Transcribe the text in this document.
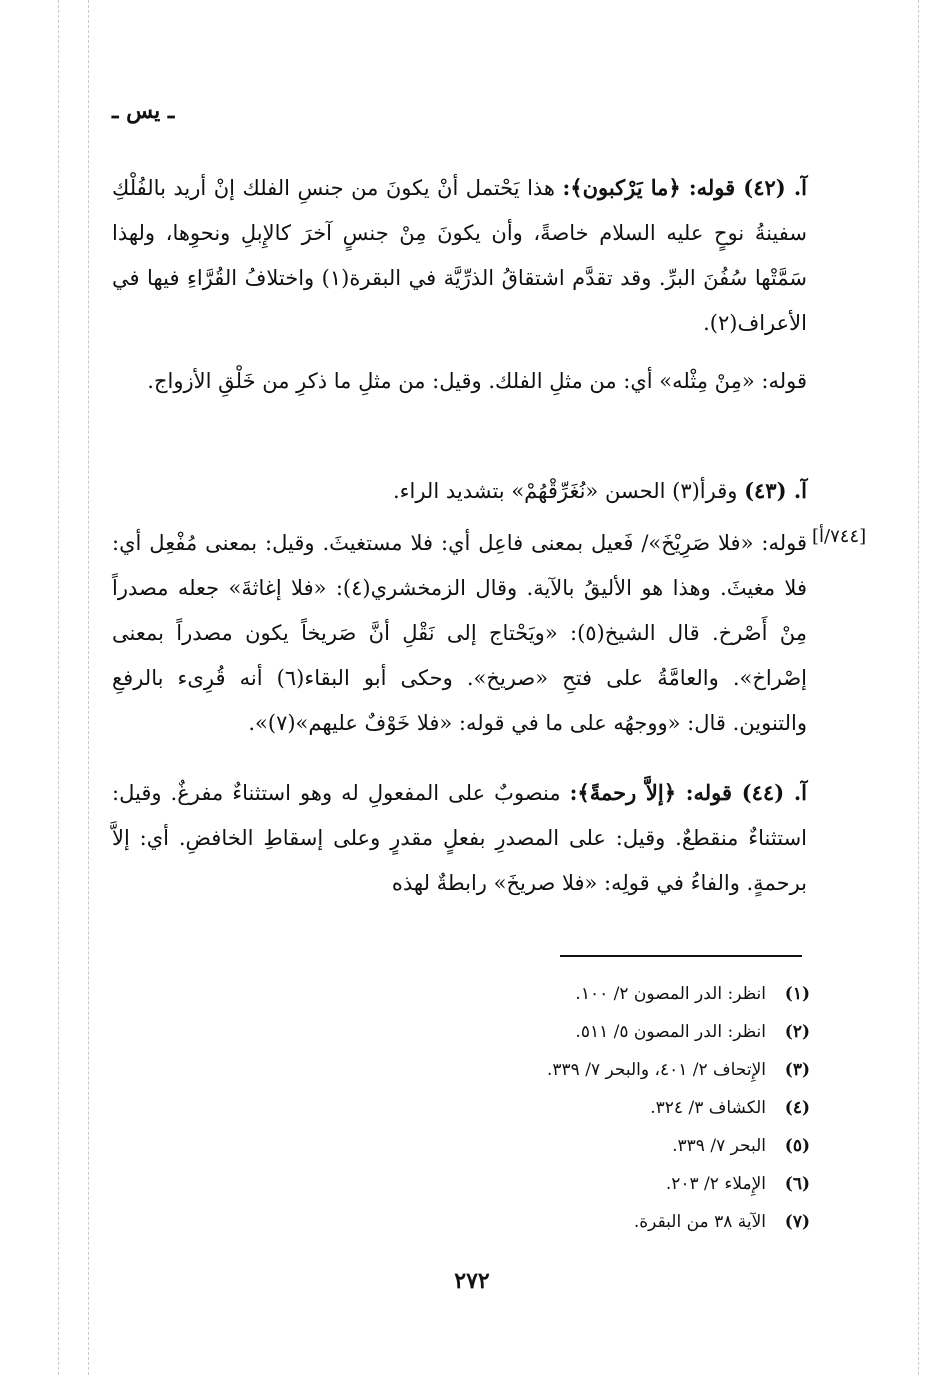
ـ يس ـ

آ. (٤٢) قوله: ﴿ما يَرْكبون﴾: هذا يَحْتمل أنْ يكونَ من جنسِ الفلك إنْ أريد بالفُلْكِ سفينةُ نوحٍ عليه السلام خاصةً، وأن يكونَ مِنْ جنسٍ آخرَ كالإِبلِ ونحوِها، ولهذا سَمَّتْها سُفُنَ البرِّ. وقد تقدَّم اشتقاقُ الذرِّيَّة في البقرة(١) واختلافُ القُرَّاءِ فيها في الأعراف(٢).

قوله: «مِنْ مِثْله» أي: من مثلِ الفلك. وقيل: من مثلِ ما ذكرِ من خَلْقِ الأزواج.

آ. (٤٣) وقرأ(٣) الحسن «نُغَرِّقْهُمْ» بتشديد الراء.

[٧٤٤/أ]

قوله: «فلا صَرِيْخَ»/ فَعيل بمعنى فاعِل أي: فلا مستغيثَ. وقيل: بمعنى مُفْعِل أي: فلا مغيثَ. وهذا هو الأليقُ بالآية. وقال الزمخشري(٤): «فلا إغاثةَ» جعله مصدراً مِنْ أَصْرخ. قال الشيخ(٥): «ويَحْتاج إلى نَقْلِ أنَّ صَريخاً يكون مصدراً بمعنى إصْراخ». والعامَّةُ على فتحِ «صريخ». وحكى أبو البقاء(٦) أنه قُرِىء بالرفعِ والتنوين. قال: «ووجهُه على ما في قوله: «فلا خَوْفٌ عليهم»(٧)».

آ. (٤٤) قوله: ﴿إلاَّ رحمةً﴾: منصوبٌ على المفعولِ له وهو استثناءٌ مفرغٌ. وقيل: استثناءٌ منقطعٌ. وقيل: على المصدرِ بفعلٍ مقدرٍ وعلى إسقاطِ الخافضِ. أي: إلاَّ برحمةٍ. والفاءُ في قولِه: «فلا صريخَ» رابطةٌ لهذه

(١)انظر: الدر المصون ٢/ ١٠٠.
(٢)انظر: الدر المصون ٥/ ٥١١.
(٣)الإِتحاف ٢/ ٤٠١، والبحر ٧/ ٣٣٩.
(٤)الكشاف ٣/ ٣٢٤.
(٥)البحر ٧/ ٣٣٩.
(٦)الإِملاء ٢/ ٢٠٣.
(٧)الآية ٣٨ من البقرة.
٢٧٢
